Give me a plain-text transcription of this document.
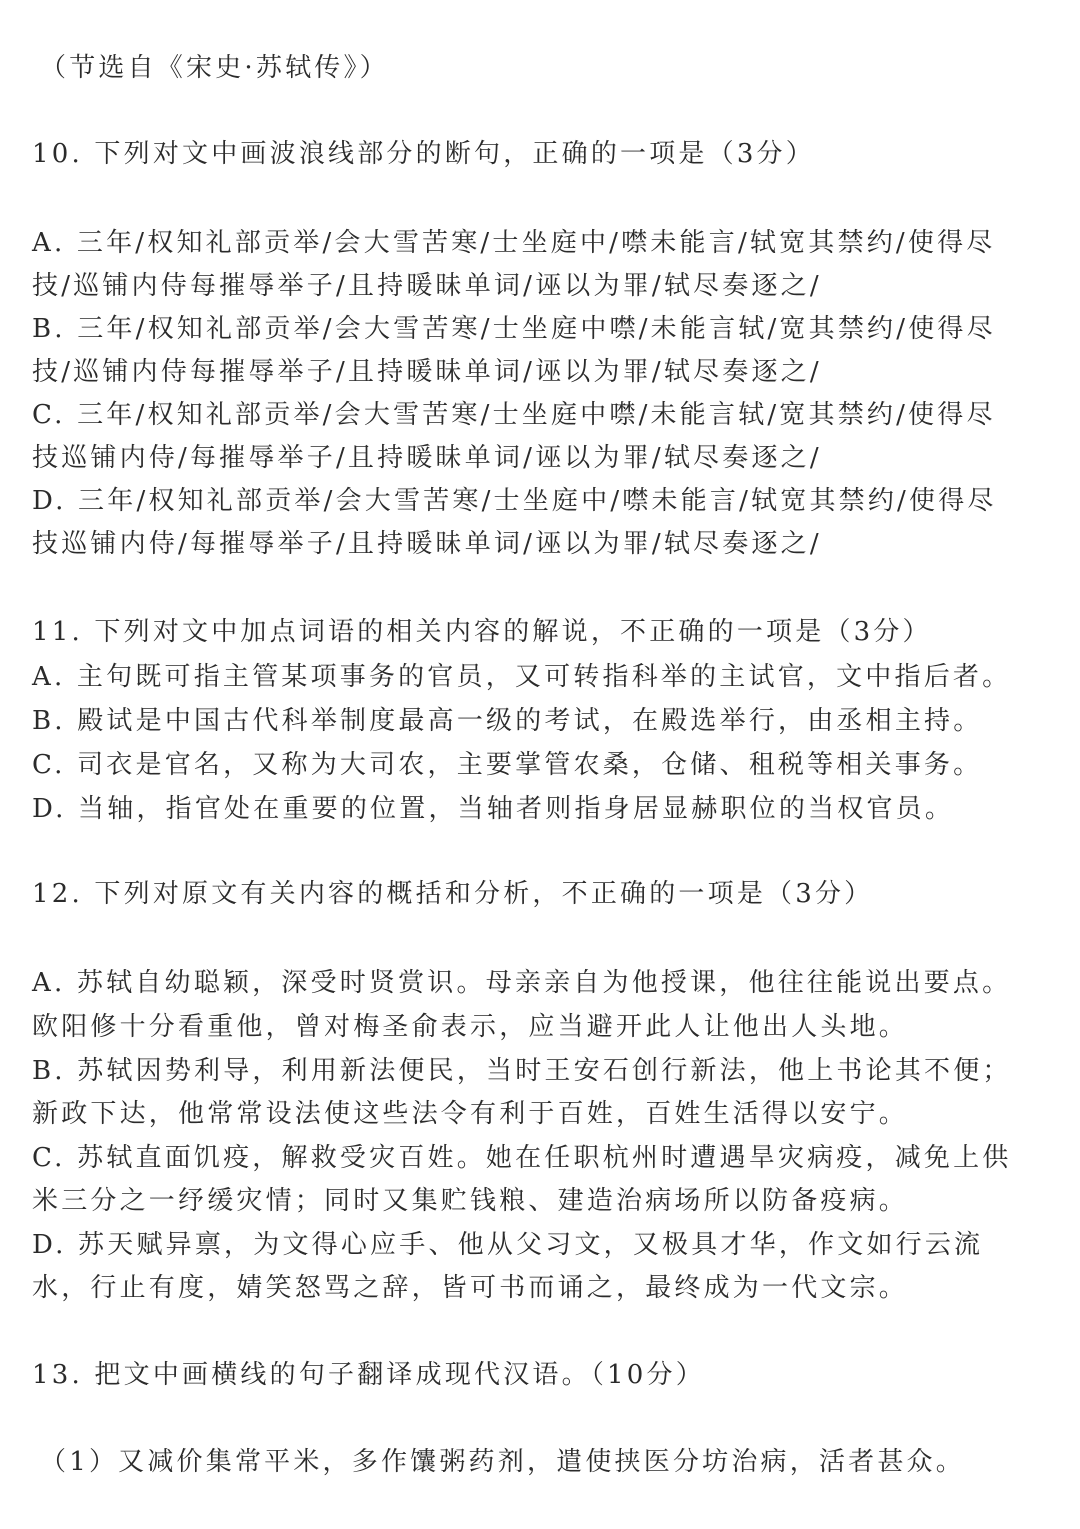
（节选自《宋史·苏轼传》）
10. 下列对文中画波浪线部分的断句，正确的一项是（3分）
A. 三年/权知礼部贡举/会大雪苦寒/士坐庭中/噤未能言/轼宽其禁约/使得尽
技/巡铺内侍每摧辱举子/且持暖昧单词/诬以为罪/轼尽奏逐之/
B. 三年/权知礼部贡举/会大雪苦寒/士坐庭中噤/未能言轼/宽其禁约/使得尽
技/巡铺内侍每摧辱举子/且持暖昧单词/诬以为罪/轼尽奏逐之/
C. 三年/权知礼部贡举/会大雪苦寒/士坐庭中噤/未能言轼/宽其禁约/使得尽
技巡铺内侍/每摧辱举子/且持暖昧单词/诬以为罪/轼尽奏逐之/
D. 三年/权知礼部贡举/会大雪苦寒/士坐庭中/噤未能言/轼宽其禁约/使得尽
技巡铺内侍/每摧辱举子/且持暖昧单词/诬以为罪/轼尽奏逐之/
11. 下列对文中加点词语的相关内容的解说，不正确的一项是（3分）
A. 主句既可指主管某项事务的官员，又可转指科举的主试官，文中指后者。
B. 殿试是中国古代科举制度最高一级的考试，在殿选举行，由丞相主持。
C. 司衣是官名，又称为大司农，主要掌管农桑，仓储、租税等相关事务。
D. 当轴，指官处在重要的位置，当轴者则指身居显赫职位的当权官员。
12. 下列对原文有关内容的概括和分析，不正确的一项是（3分）
A. 苏轼自幼聪颖，深受时贤赏识。母亲亲自为他授课，他往往能说出要点。
欧阳修十分看重他，曾对梅圣俞表示，应当避开此人让他出人头地。
B. 苏轼因势利导，利用新法便民，当时王安石创行新法，他上书论其不便；
新政下达，他常常设法使这些法令有利于百姓，百姓生活得以安宁。
C. 苏轼直面饥疫，解救受灾百姓。她在任职杭州时遭遇旱灾病疫，减免上供
米三分之一纾缓灾情；同时又集贮钱粮、建造治病场所以防备疫病。
D. 苏天赋异禀，为文得心应手、他从父习文，又极具才华，作文如行云流
水，行止有度，婧笑怒骂之辞，皆可书而诵之，最终成为一代文宗。
13. 把文中画横线的句子翻译成现代汉语。（10分）
（1）又减价集常平米，多作馕粥药剂，遣使挟医分坊治病，活者甚众。
